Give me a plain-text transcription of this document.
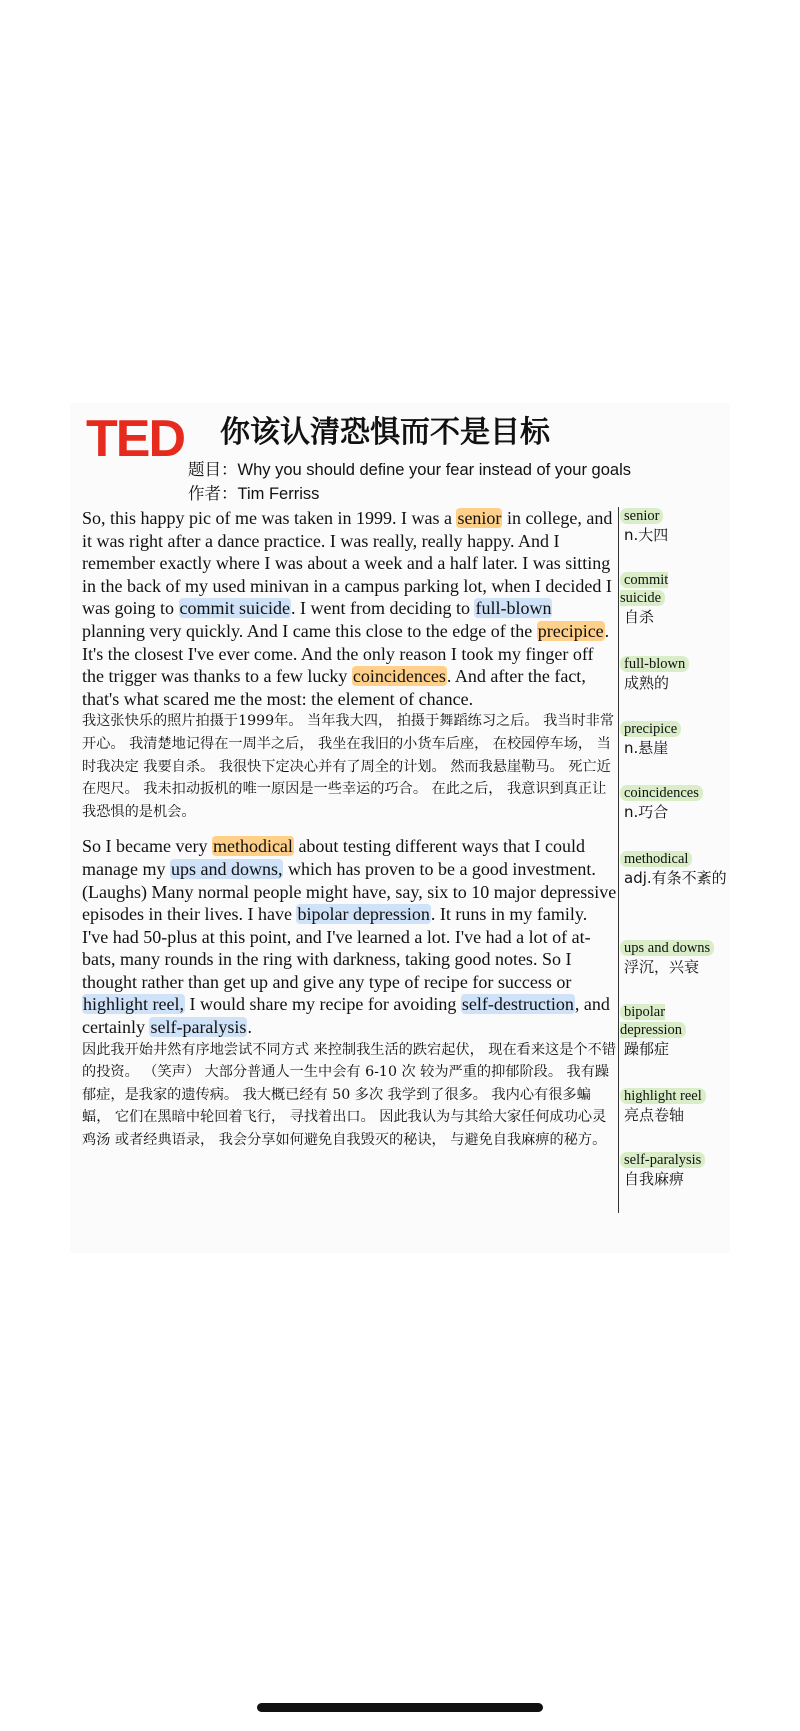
TED 你该认清恐惧而不是目标
题目：Why you should define your fear instead of your goals
作者：Tim Ferriss

So, this happy pic of me was taken in 1999. I was a senior in college, and it was right after a dance practice. I was really, really happy. And I remember exactly where I was about a week and a half later. I was sitting in the back of my used minivan in a campus parking lot, when I decided I was going to commit suicide. I went from deciding to full-blown planning very quickly. And I came this close to the edge of the precipice. It's the closest I've ever come. And the only reason I took my finger off the trigger was thanks to a few lucky coincidences. And after the fact, that's what scared me the most: the element of chance.

我这张快乐的照片拍摄于1999年。 当年我大四， 拍摄于舞蹈练习之后。 我当时非常开心。 我清楚地记得在一周半之后， 我坐在我旧的小货车后座， 在校园停车场， 当时我决定 我要自杀。 我很快下定决心并有了周全的计划。 然而我悬崖勒马。 死亡近在咫尺。 我未扣动扳机的唯一原因是一些幸运的巧合。 在此之后， 我意识到真正让我恐惧的是机会。

So I became very methodical about testing different ways that I could manage my ups and downs, which has proven to be a good investment. (Laughs) Many normal people might have, say, six to 10 major depressive episodes in their lives. I have bipolar depression. It runs in my family. I've had 50-plus at this point, and I've learned a lot. I've had a lot of at-bats, many rounds in the ring with darkness, taking good notes. So I thought rather than get up and give any type of recipe for success or highlight reel, I would share my recipe for avoiding self-destruction, and certainly self-paralysis.

因此我开始井然有序地尝试不同方式 来控制我生活的跌宕起伏， 现在看来这是个不错的投资。 （笑声） 大部分普通人一生中会有 6-10 次 较为严重的抑郁阶段。 我有躁郁症，是我家的遗传病。 我大概已经有 50 多次 我学到了很多。 我内心有很多蝙蝠， 它们在黑暗中轮回着飞行， 寻找着出口。 因此我认为与其给大家任何成功心灵鸡汤 或者经典语录， 我会分享如何避免自我毁灭的秘诀， 与避免自我麻痹的秘方。

senior
n.大四
commit suicide
自杀
full-blown
成熟的
precipice
n.悬崖
coincidences
n.巧合
methodical
adj.有条不紊的
ups and downs
浮沉，兴衰
bipolar depression
躁郁症
highlight reel
亮点卷轴
self-paralysis
自我麻痹
